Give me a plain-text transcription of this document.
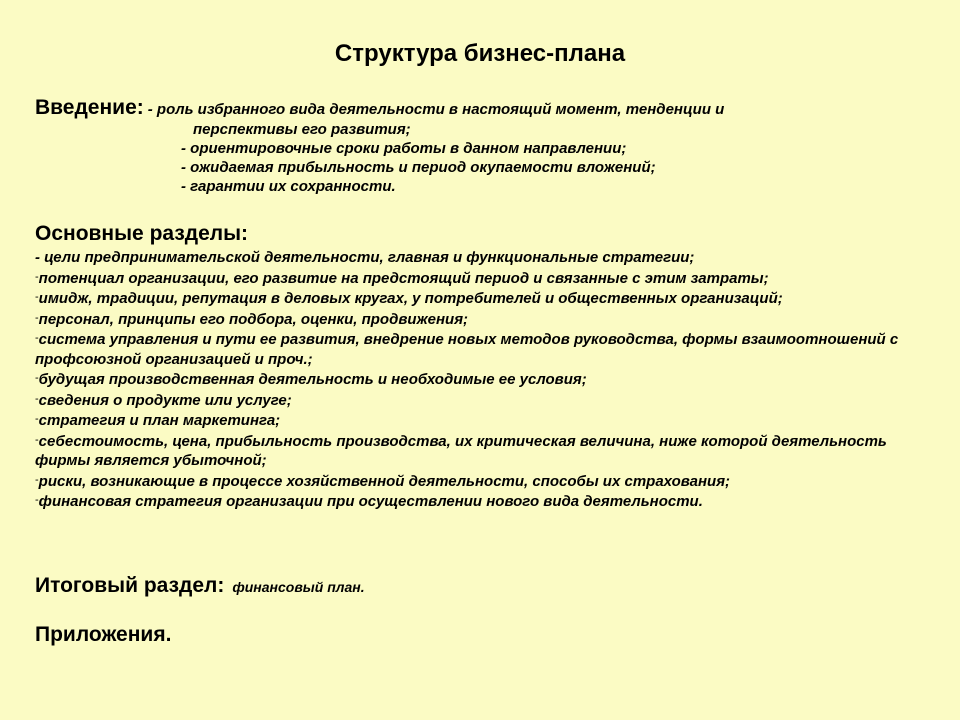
Структура бизнес-плана
Введение: - роль избранного вида деятельности в настоящий момент, тенденции и
перспективы его развития;
- ориентировочные сроки работы в данном направлении;
- ожидаемая прибыльность и период окупаемости вложений;
- гарантии их сохранности.
Основные разделы:
- цели предпринимательской деятельности, главная и функциональные стратегии;
-потенциал организации, его развитие на предстоящий период и связанные с этим затраты;
-имидж, традиции, репутация в деловых кругах, у потребителей и общественных организаций;
-персонал, принципы его подбора, оценки, продвижения;
-система управления и пути ее развития, внедрение новых методов руководства, формы взаимоотношений с профсоюзной организацией и проч.;
-будущая производственная деятельность и необходимые ее условия;
-сведения о продукте или услуге;
-стратегия и план маркетинга;
-себестоимость, цена, прибыльность производства, их критическая величина, ниже которой деятельность фирмы является убыточной;
-риски, возникающие в процессе хозяйственной деятельности, способы их страхования;
-финансовая стратегия организации при осуществлении нового вида деятельности.
Итоговый раздел: финансовый план.
Приложения.
